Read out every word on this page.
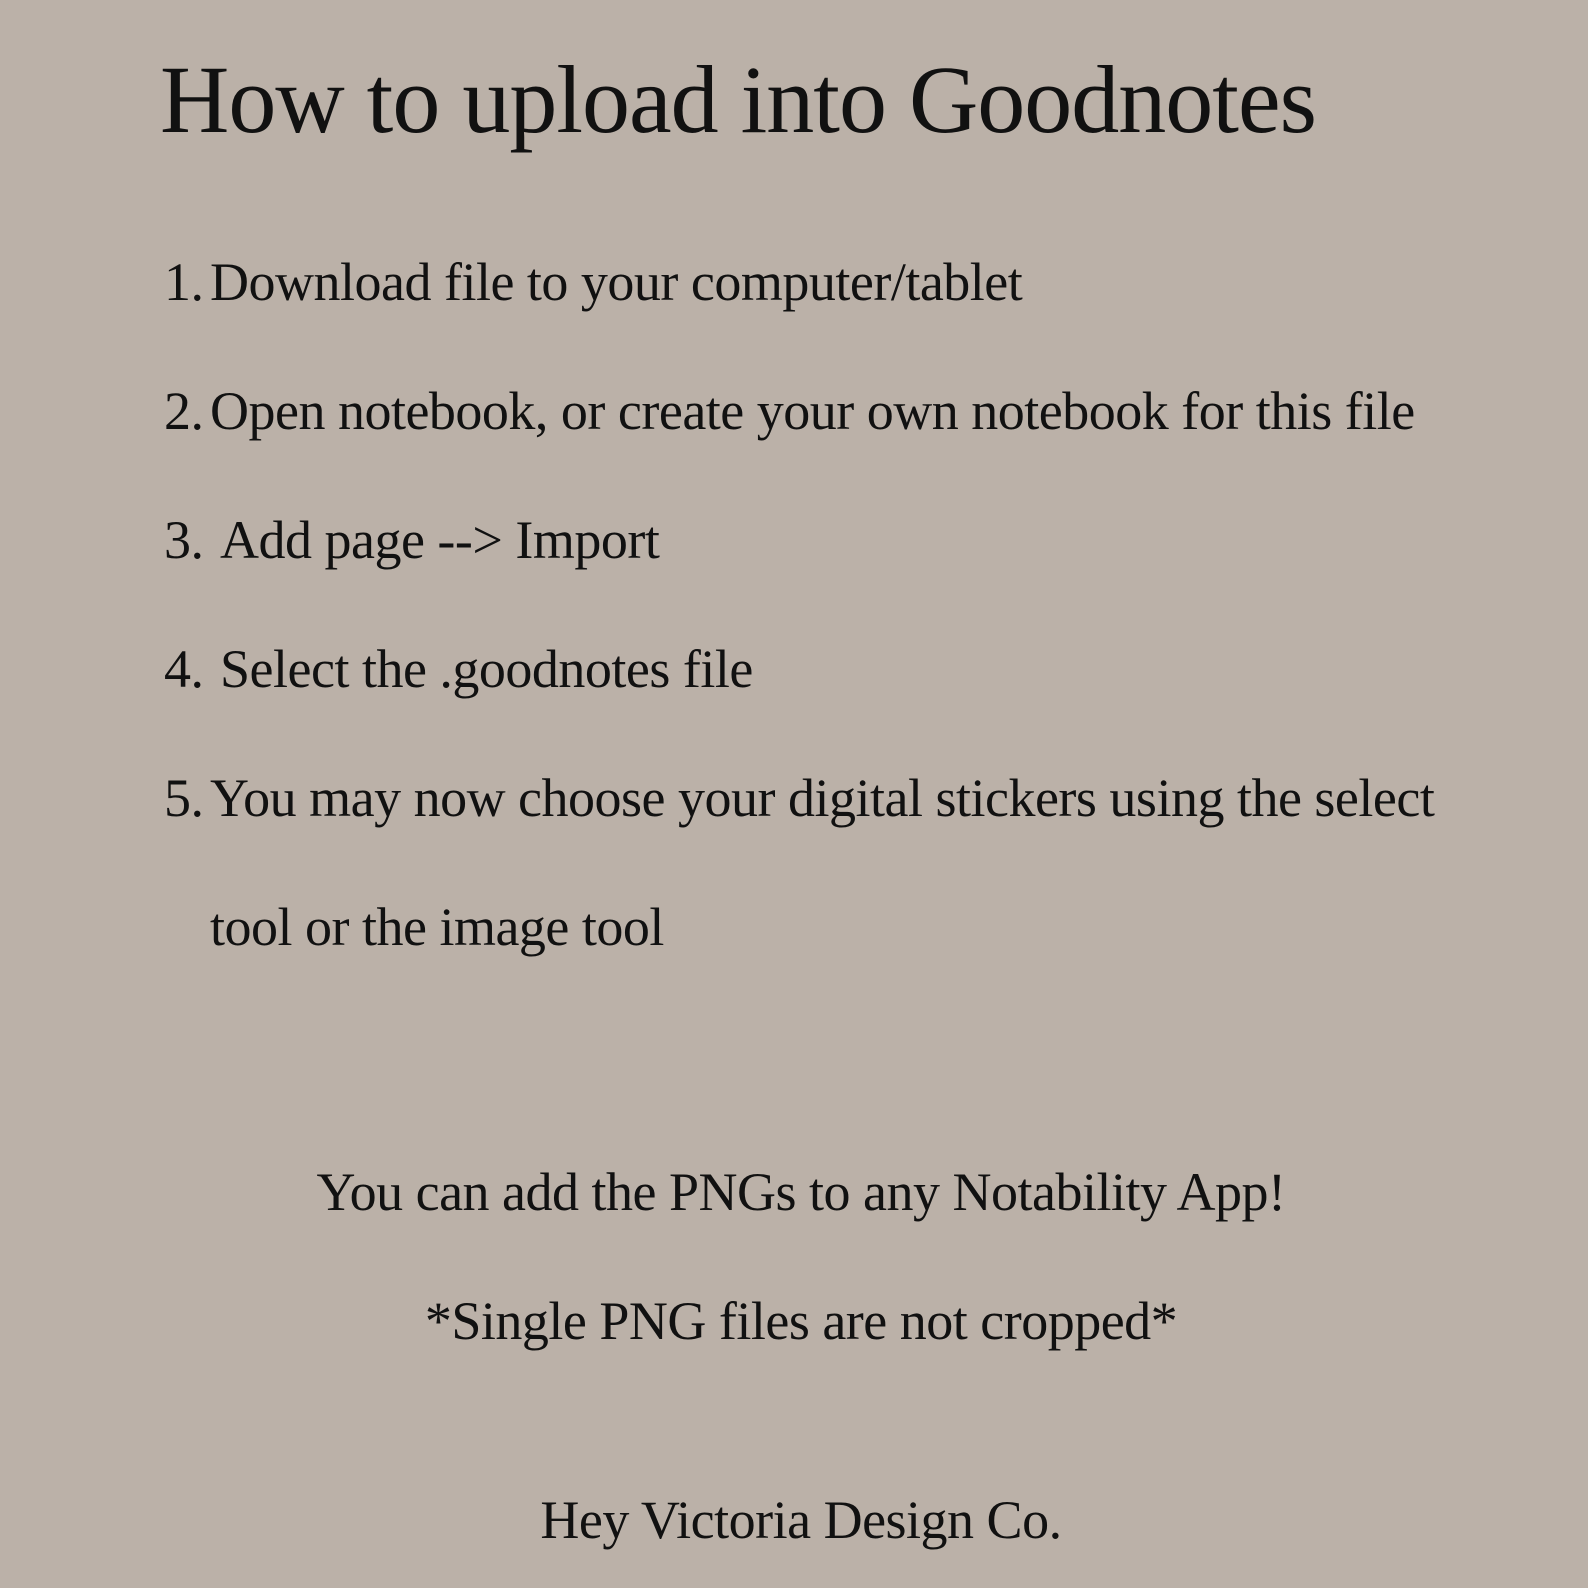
How to upload into Goodnotes
1. Download file to your computer/tablet
2. Open notebook, or create your own notebook for this file
3. Add page --> Import
4. Select the .goodnotes file
5. You may now choose your digital stickers using the select
tool or the image tool
You can add the PNGs to any Notability App!
*Single PNG files are not cropped*
Hey Victoria Design Co.
